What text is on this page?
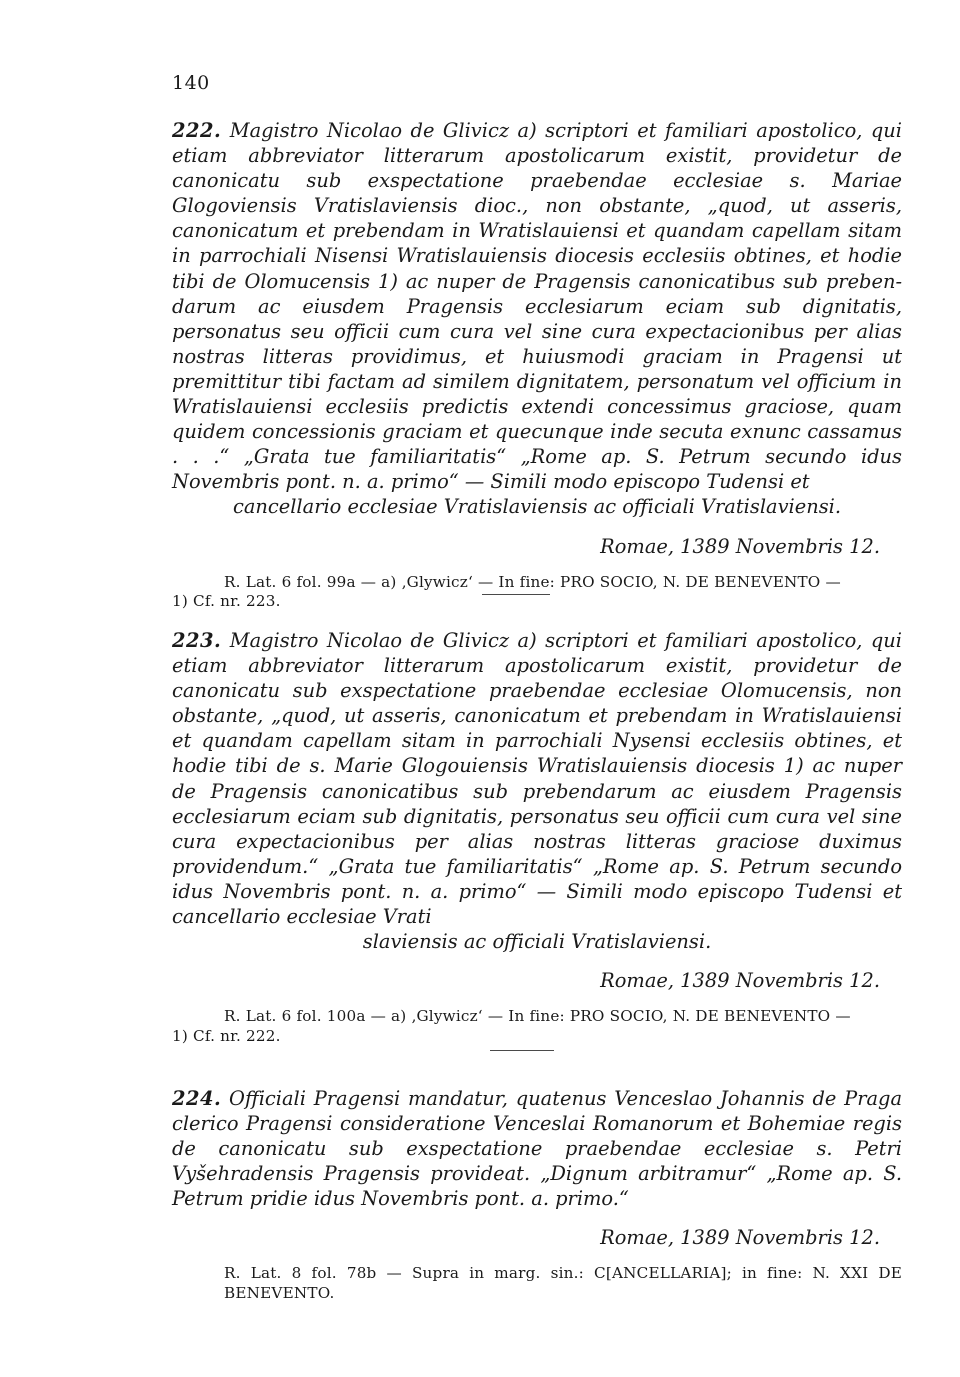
140

222. Magistro Nicolao de Glivicz a) scriptori et familiari apostolico, qui etiam abbreviator litterarum apostolicarum existit, providetur de canonicatu sub exspectatione praebendae ecclesiae s. Mariae Glogoviensis Vratislaviensis dioc., non obstante, „quod, ut asseris, canonicatum et prebendam in Wratislauiensi et quandam capellam sitam in parrochiali Nisensi Wratislauiensis diocesis ecclesiis obtines, et hodie tibi de Olomucensis 1) ac nuper de Pragensis canonicatibus sub prebendarum ac eiusdem Pragensis ecclesiarum eciam sub dignitatis, personatus seu officii cum cura vel sine cura expectacionibus per alias nostras litteras providimus, et huiusmodi graciam in Pragensi ut premittitur tibi factam ad similem dignitatem, personatum vel officium in Wratislauiensi ecclesiis predictis extendi concessimus graciose, quam quidem concessionis graciam et quecunque inde secuta exnunc cassamus . . .“ „Grata tue familiaritatis“ „Rome ap. S. Petrum secundo idus Novembris pont. n. a. primo“ — Simili modo episcopo Tudensi et

cancellario ecclesiae Vratislaviensis ac officiali Vratislaviensi.
Romae, 1389 Novembris 12.
R. Lat. 6 fol. 99a — a) ‚Glywicz‘ — In fine: PRO SOCIO, N. DE BENEVENTO —
1) Cf. nr. 223.

223. Magistro Nicolao de Glivicz a) scriptori et familiari apostolico, qui etiam abbreviator litterarum apostolicarum existit, providetur de canonicatu sub exspectatione praebendae ecclesiae Olomucensis, non obstante, „quod, ut asseris, canonicatum et prebendam in Wratislauiensi et quandam capellam sitam in parrochiali Nysensi ecclesiis obtines, et hodie tibi de s. Marie Glogouiensis Wratislauiensis diocesis 1) ac nuper de Pragensis canonicatibus sub prebendarum ac eiusdem Pragensis ecclesiarum eciam sub dignitatis, personatus seu officii cum cura vel sine cura expectacionibus per alias nostras litteras graciose duximus providendum.“ „Grata tue familiaritatis“ „Rome ap. S. Petrum secundo idus Novembris pont. n. a. primo“ — Simili modo episcopo Tudensi et cancellario ecclesiae Vrati

slaviensis ac officiali Vratislaviensi.
Romae, 1389 Novembris 12.
R. Lat. 6 fol. 100a — a) ‚Glywicz‘ — In fine: PRO SOCIO, N. DE BENEVENTO —
1) Cf. nr. 222.

224. Officiali Pragensi mandatur, quatenus Venceslao Johannis de Praga clerico Pragensi consideratione Venceslai Romanorum et Bohemiae regis de canonicatu sub exspectatione praebendae ecclesiae s. Petri Vyšehradensis Pragensis provideat. „Dignum arbitramur“ „Rome ap. S. Petrum pridie idus Novembris pont. a. primo.“

Romae, 1389 Novembris 12.
R. Lat. 8 fol. 78b — Supra in marg. sin.: C[ANCELLARIA]; in fine: N. XXI DE BENEVENTO.
